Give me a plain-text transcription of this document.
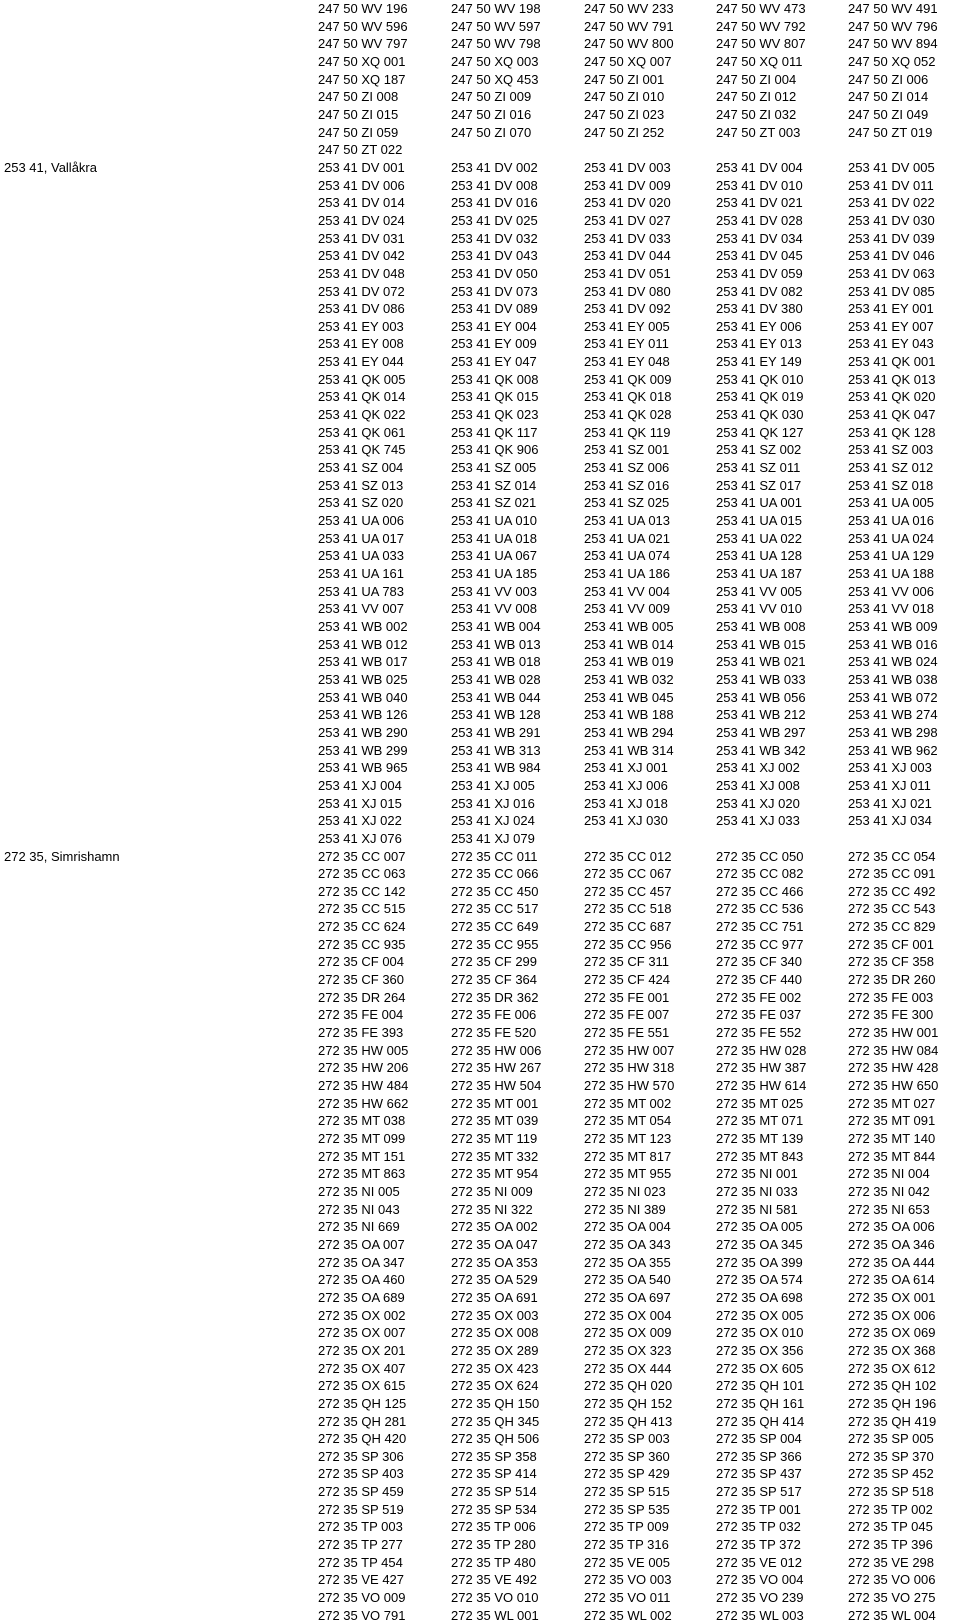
247 50 WV 196	247 50 WV 198	247 50 WV 233	247 50 WV 473	247 50 WV 491
247 50 WV 596	247 50 WV 597	247 50 WV 791	247 50 WV 792	247 50 WV 796
247 50 WV 797	247 50 WV 798	247 50 WV 800	247 50 WV 807	247 50 WV 894
247 50 XQ 001	247 50 XQ 003	247 50 XQ 007	247 50 XQ 011	247 50 XQ 052
247 50 XQ 187	247 50 XQ 453	247 50 ZI 001	247 50 ZI 004	247 50 ZI 006
247 50 ZI 008	247 50 ZI 009	247 50 ZI 010	247 50 ZI 012	247 50 ZI 014
247 50 ZI 015	247 50 ZI 016	247 50 ZI 023	247 50 ZI 032	247 50 ZI 049
247 50 ZI 059	247 50 ZI 070	247 50 ZI 252	247 50 ZT 003	247 50 ZT 019
247 50 ZT 022
253 41, Vallåkra	253 41 DV 001	253 41 DV 002	253 41 DV 003	253 41 DV 004	253 41 DV 005
253 41 DV 006	253 41 DV 008	253 41 DV 009	253 41 DV 010	253 41 DV 011
253 41 DV 014	253 41 DV 016	253 41 DV 020	253 41 DV 021	253 41 DV 022
253 41 DV 024	253 41 DV 025	253 41 DV 027	253 41 DV 028	253 41 DV 030
253 41 DV 031	253 41 DV 032	253 41 DV 033	253 41 DV 034	253 41 DV 039
253 41 DV 042	253 41 DV 043	253 41 DV 044	253 41 DV 045	253 41 DV 046
253 41 DV 048	253 41 DV 050	253 41 DV 051	253 41 DV 059	253 41 DV 063
253 41 DV 072	253 41 DV 073	253 41 DV 080	253 41 DV 082	253 41 DV 085
253 41 DV 086	253 41 DV 089	253 41 DV 092	253 41 DV 380	253 41 EY 001
253 41 EY 003	253 41 EY 004	253 41 EY 005	253 41 EY 006	253 41 EY 007
253 41 EY 008	253 41 EY 009	253 41 EY 011	253 41 EY 013	253 41 EY 043
253 41 EY 044	253 41 EY 047	253 41 EY 048	253 41 EY 149	253 41 QK 001
253 41 QK 005	253 41 QK 008	253 41 QK 009	253 41 QK 010	253 41 QK 013
253 41 QK 014	253 41 QK 015	253 41 QK 018	253 41 QK 019	253 41 QK 020
253 41 QK 022	253 41 QK 023	253 41 QK 028	253 41 QK 030	253 41 QK 047
253 41 QK 061	253 41 QK 117	253 41 QK 119	253 41 QK 127	253 41 QK 128
253 41 QK 745	253 41 QK 906	253 41 SZ 001	253 41 SZ 002	253 41 SZ 003
253 41 SZ 004	253 41 SZ 005	253 41 SZ 006	253 41 SZ 011	253 41 SZ 012
253 41 SZ 013	253 41 SZ 014	253 41 SZ 016	253 41 SZ 017	253 41 SZ 018
253 41 SZ 020	253 41 SZ 021	253 41 SZ 025	253 41 UA 001	253 41 UA 005
253 41 UA 006	253 41 UA 010	253 41 UA 013	253 41 UA 015	253 41 UA 016
253 41 UA 017	253 41 UA 018	253 41 UA 021	253 41 UA 022	253 41 UA 024
253 41 UA 033	253 41 UA 067	253 41 UA 074	253 41 UA 128	253 41 UA 129
253 41 UA 161	253 41 UA 185	253 41 UA 186	253 41 UA 187	253 41 UA 188
253 41 UA 783	253 41 VV 003	253 41 VV 004	253 41 VV 005	253 41 VV 006
253 41 VV 007	253 41 VV 008	253 41 VV 009	253 41 VV 010	253 41 VV 018
253 41 WB 002	253 41 WB 004	253 41 WB 005	253 41 WB 008	253 41 WB 009
253 41 WB 012	253 41 WB 013	253 41 WB 014	253 41 WB 015	253 41 WB 016
253 41 WB 017	253 41 WB 018	253 41 WB 019	253 41 WB 021	253 41 WB 024
253 41 WB 025	253 41 WB 028	253 41 WB 032	253 41 WB 033	253 41 WB 038
253 41 WB 040	253 41 WB 044	253 41 WB 045	253 41 WB 056	253 41 WB 072
253 41 WB 126	253 41 WB 128	253 41 WB 188	253 41 WB 212	253 41 WB 274
253 41 WB 290	253 41 WB 291	253 41 WB 294	253 41 WB 297	253 41 WB 298
253 41 WB 299	253 41 WB 313	253 41 WB 314	253 41 WB 342	253 41 WB 962
253 41 WB 965	253 41 WB 984	253 41 XJ 001	253 41 XJ 002	253 41 XJ 003
253 41 XJ 004	253 41 XJ 005	253 41 XJ 006	253 41 XJ 008	253 41 XJ 011
253 41 XJ 015	253 41 XJ 016	253 41 XJ 018	253 41 XJ 020	253 41 XJ 021
253 41 XJ 022	253 41 XJ 024	253 41 XJ 030	253 41 XJ 033	253 41 XJ 034
253 41 XJ 076	253 41 XJ 079
272 35, Simrishamn	272 35 CC 007	272 35 CC 011	272 35 CC 012	272 35 CC 050	272 35 CC 054
272 35 CC 063	272 35 CC 066	272 35 CC 067	272 35 CC 082	272 35 CC 091
272 35 CC 142	272 35 CC 450	272 35 CC 457	272 35 CC 466	272 35 CC 492
272 35 CC 515	272 35 CC 517	272 35 CC 518	272 35 CC 536	272 35 CC 543
272 35 CC 624	272 35 CC 649	272 35 CC 687	272 35 CC 751	272 35 CC 829
272 35 CC 935	272 35 CC 955	272 35 CC 956	272 35 CC 977	272 35 CF 001
272 35 CF 004	272 35 CF 299	272 35 CF 311	272 35 CF 340	272 35 CF 358
272 35 CF 360	272 35 CF 364	272 35 CF 424	272 35 CF 440	272 35 DR 260
272 35 DR 264	272 35 DR 362	272 35 FE 001	272 35 FE 002	272 35 FE 003
272 35 FE 004	272 35 FE 006	272 35 FE 007	272 35 FE 037	272 35 FE 300
272 35 FE 393	272 35 FE 520	272 35 FE 551	272 35 FE 552	272 35 HW 001
272 35 HW 005	272 35 HW 006	272 35 HW 007	272 35 HW 028	272 35 HW 084
272 35 HW 206	272 35 HW 267	272 35 HW 318	272 35 HW 387	272 35 HW 428
272 35 HW 484	272 35 HW 504	272 35 HW 570	272 35 HW 614	272 35 HW 650
272 35 HW 662	272 35 MT 001	272 35 MT 002	272 35 MT 025	272 35 MT 027
272 35 MT 038	272 35 MT 039	272 35 MT 054	272 35 MT 071	272 35 MT 091
272 35 MT 099	272 35 MT 119	272 35 MT 123	272 35 MT 139	272 35 MT 140
272 35 MT 151	272 35 MT 332	272 35 MT 817	272 35 MT 843	272 35 MT 844
272 35 MT 863	272 35 MT 954	272 35 MT 955	272 35 NI 001	272 35 NI 004
272 35 NI 005	272 35 NI 009	272 35 NI 023	272 35 NI 033	272 35 NI 042
272 35 NI 043	272 35 NI 322	272 35 NI 389	272 35 NI 581	272 35 NI 653
272 35 NI 669	272 35 OA 002	272 35 OA 004	272 35 OA 005	272 35 OA 006
272 35 OA 007	272 35 OA 047	272 35 OA 343	272 35 OA 345	272 35 OA 346
272 35 OA 347	272 35 OA 353	272 35 OA 355	272 35 OA 399	272 35 OA 444
272 35 OA 460	272 35 OA 529	272 35 OA 540	272 35 OA 574	272 35 OA 614
272 35 OA 689	272 35 OA 691	272 35 OA 697	272 35 OA 698	272 35 OX 001
272 35 OX 002	272 35 OX 003	272 35 OX 004	272 35 OX 005	272 35 OX 006
272 35 OX 007	272 35 OX 008	272 35 OX 009	272 35 OX 010	272 35 OX 069
272 35 OX 201	272 35 OX 289	272 35 OX 323	272 35 OX 356	272 35 OX 368
272 35 OX 407	272 35 OX 423	272 35 OX 444	272 35 OX 605	272 35 OX 612
272 35 OX 615	272 35 OX 624	272 35 QH 020	272 35 QH 101	272 35 QH 102
272 35 QH 125	272 35 QH 150	272 35 QH 152	272 35 QH 161	272 35 QH 196
272 35 QH 281	272 35 QH 345	272 35 QH 413	272 35 QH 414	272 35 QH 419
272 35 QH 420	272 35 QH 506	272 35 SP 003	272 35 SP 004	272 35 SP 005
272 35 SP 306	272 35 SP 358	272 35 SP 360	272 35 SP 366	272 35 SP 370
272 35 SP 403	272 35 SP 414	272 35 SP 429	272 35 SP 437	272 35 SP 452
272 35 SP 459	272 35 SP 514	272 35 SP 515	272 35 SP 517	272 35 SP 518
272 35 SP 519	272 35 SP 534	272 35 SP 535	272 35 TP 001	272 35 TP 002
272 35 TP 003	272 35 TP 006	272 35 TP 009	272 35 TP 032	272 35 TP 045
272 35 TP 277	272 35 TP 280	272 35 TP 316	272 35 TP 372	272 35 TP 396
272 35 TP 454	272 35 TP 480	272 35 VE 005	272 35 VE 012	272 35 VE 298
272 35 VE 427	272 35 VE 492	272 35 VO 003	272 35 VO 004	272 35 VO 006
272 35 VO 009	272 35 VO 010	272 35 VO 011	272 35 VO 239	272 35 VO 275
272 35 VO 791	272 35 WL 001	272 35 WL 002	272 35 WL 003	272 35 WL 004
